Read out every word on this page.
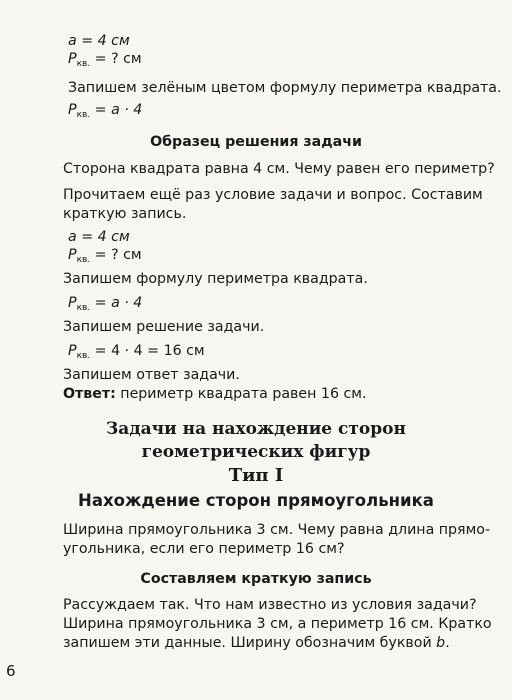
a = 4 см
$P_{кв.}$ = ? см
Запишем зелёным цветом формулу периметра квадрата.
$P_{кв.} = a \cdot 4$
Образец решения задачи
Сторона квадрата равна 4 см. Чему равен его периметр?
Прочитаем ещё раз условие задачи и вопрос. Составим
краткую запись.
a = 4 см
$P_{кв.}$ = ? см
Запишем формулу периметра квадрата.
$P_{кв.} = a \cdot 4$
Запишем решение задачи.
$P_{кв.} = 4 \cdot 4 = 16$ см
Запишем ответ задачи.
Ответ: периметр квадрата равен 16 см.
Задачи на нахождение сторон
геометрических фигур
Тип I
Нахождение сторон прямоугольника
Ширина прямоугольника 3 см. Чему равна длина прямо-
угольника, если его периметр 16 см?
Составляем краткую запись
Рассуждаем так. Что нам известно из условия задачи?
Ширина прямоугольника 3 см, а периметр 16 см. Кратко
запишем эти данные. Ширину обозначим буквой b.
6
